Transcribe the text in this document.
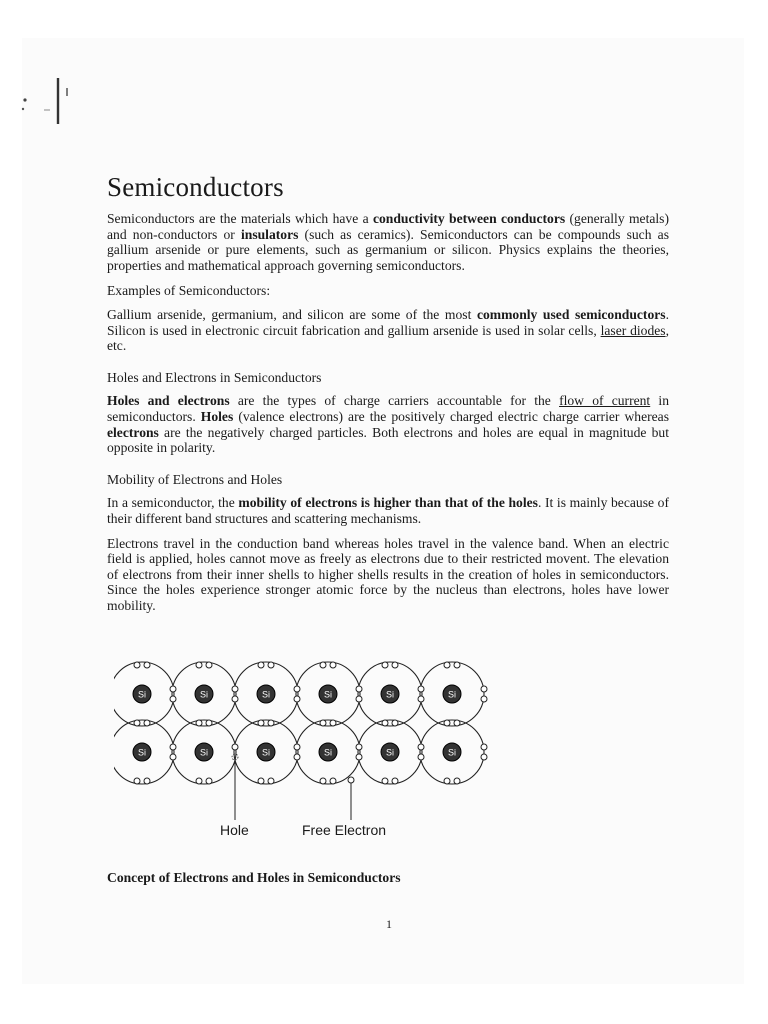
Semiconductors

Semiconductors are the materials which have a conductivity between conductors (generally metals) and non-conductors or insulators (such as ceramics). Semiconductors can be compounds such as gallium arsenide or pure elements, such as germanium or silicon. Physics explains the theories, properties and mathematical approach governing semiconductors.

Examples of Semiconductors:

Gallium arsenide, germanium, and silicon are some of the most commonly used semiconductors. Silicon is used in electronic circuit fabrication and gallium arsenide is used in solar cells, laser diodes, etc.

Holes and Electrons in Semiconductors

Holes and electrons are the types of charge carriers accountable for the flow of current in semiconductors. Holes (valence electrons) are the positively charged electric charge carrier whereas electrons are the negatively charged particles. Both electrons and holes are equal in magnitude but opposite in polarity.

Mobility of Electrons and Holes

In a semiconductor, the mobility of electrons is higher than that of the holes. It is mainly because of their different band structures and scattering mechanisms.

Electrons travel in the conduction band whereas holes travel in the valence band. When an electric field is applied, holes cannot move as freely as electrons due to their restricted movent. The elevation of electrons from their inner shells to higher shells results in the creation of holes in semiconductors. Since the holes experience stronger atomic force by the nucleus than electrons, holes have lower mobility.

Si	Si	Si	Si	Si	Si
Si	Si	Si	Si	Si	Si
Hole	Free Electron
Concept of Electrons and Holes in Semiconductors
1
